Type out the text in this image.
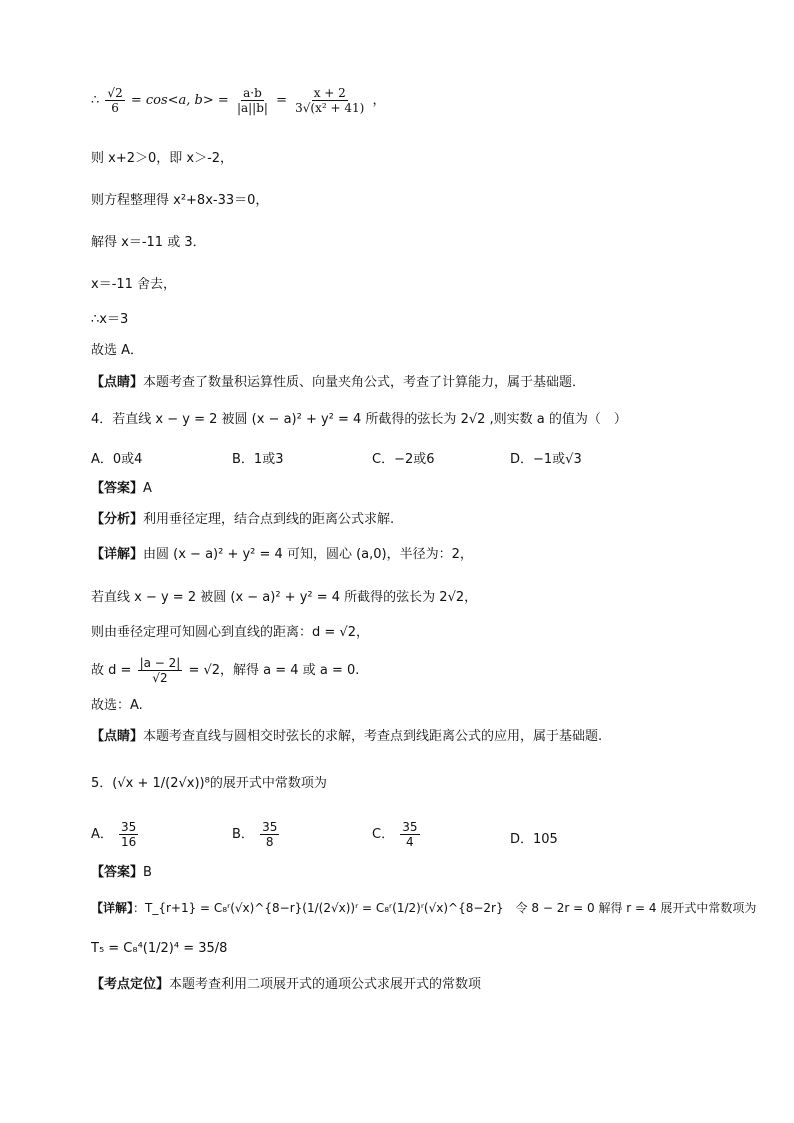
∴ $\frac{√2}{6} = \cos<a$, $b> = \frac{a\cdot b}{|a||b|} = \frac{x + 2}{\text{3√(x² + 41)}}$ ，
则 x+2＞0，即 x＞-2，
则方程整理得 x²+8x-33＝0，
解得 x＝-11 或 3．
x＝-11 舍去，
∴x＝3
故选 A．
【点睛】本题考查了数量积运算性质、向量夹角公式，考查了计算能力，属于基础题．
4．若直线 x − y = 2 被圆 (x − a)² + y² = 4 所截得的弦长为 2√2 ,则实数 a 的值为（　）
A．0或4	B．1或3	C．−2或6	D．−1或√3
【答案】A
【分析】利用垂径定理，结合点到线的距离公式求解.
【详解】由圆 (x − a)² + y² = 4 可知，圆心 (a,0)，半径为：2，
若直线 x − y = 2 被圆 (x − a)² + y² = 4 所截得的弦长为 2√2，
则由垂径定理可知圆心到直线的距离：d = √2，
故 $d = \frac{|a - 2|}{√2} = √2$，解得 a = 4 或 a = 0.
故选：A.
【点睛】本题考查直线与圆相交时弦长的求解，考查点到线距离公式的应用，属于基础题.
5．(√x + 1/(2√x))⁸的展开式中常数项为
A． $\frac{35}{16}$	B． $\frac{35}{8}$	C． $\frac{35}{4}$	D．105
【答案】B
【详解】：T_{r+1} = C₈ʳ(√x)^{8−r}(1/(2√x))ʳ = C₈ʳ(1/2)ʳ(√x)^{8−2r}　令 8 − 2r = 0 解得 r = 4 展开式中常数项为
T₅ = C₈⁴(1/2)⁴ = 35/8
【考点定位】本题考查利用二项展开式的通项公式求展开式的常数项
